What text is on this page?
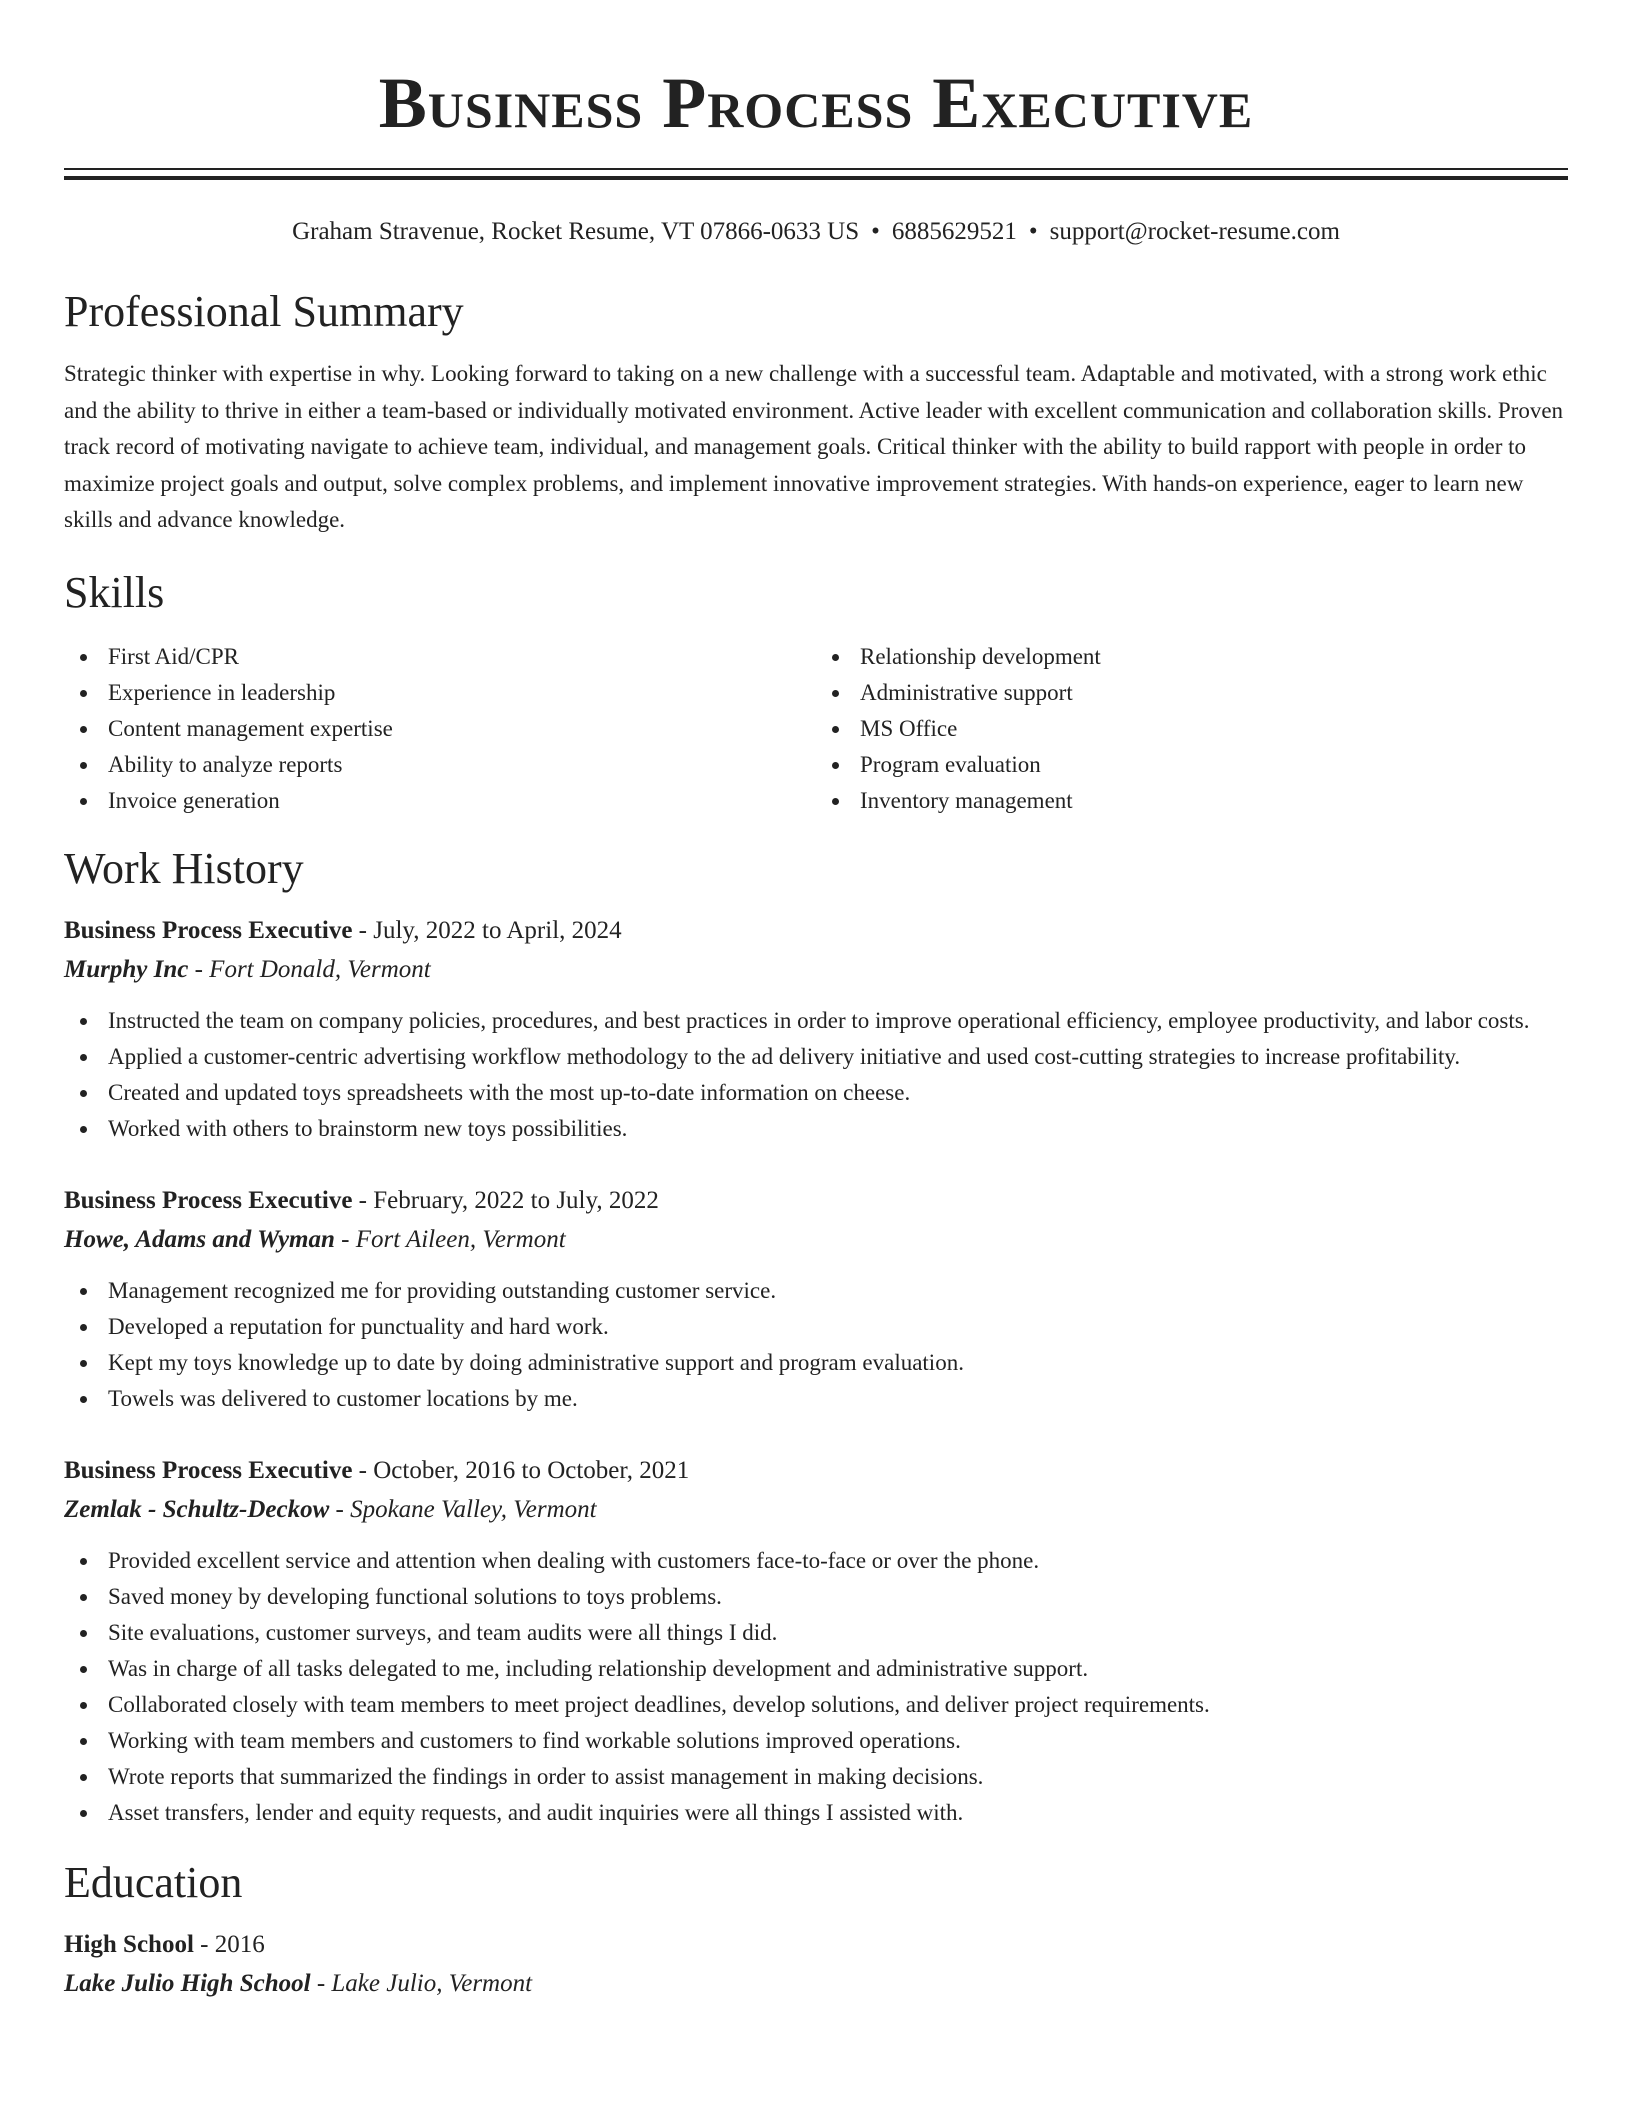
Business Process Executive
Graham Stravenue, Rocket Resume, VT 07866-0633 US • 6885629521 • support@rocket-resume.com
Professional Summary

Strategic thinker with expertise in why. Looking forward to taking on a new challenge with a successful team. Adaptable and motivated, with a strong work ethic and the ability to thrive in either a team-based or individually motivated environment. Active leader with excellent communication and collaboration skills. Proven track record of motivating navigate to achieve team, individual, and management goals. Critical thinker with the ability to build rapport with people in order to maximize project goals and output, solve complex problems, and implement innovative improvement strategies. With hands-on experience, eager to learn new skills and advance knowledge.

Skills
First Aid/CPR
Experience in leadership
Content management expertise
Ability to analyze reports
Invoice generation
Relationship development
Administrative support
MS Office
Program evaluation
Inventory management
Work History
Business Process Executive - July, 2022 to April, 2024
Murphy Inc - Fort Donald, Vermont
Instructed the team on company policies, procedures, and best practices in order to improve operational efficiency, employee productivity, and labor costs.
Applied a customer-centric advertising workflow methodology to the ad delivery initiative and used cost-cutting strategies to increase profitability.
Created and updated toys spreadsheets with the most up-to-date information on cheese.
Worked with others to brainstorm new toys possibilities.
Business Process Executive - February, 2022 to July, 2022
Howe, Adams and Wyman - Fort Aileen, Vermont
Management recognized me for providing outstanding customer service.
Developed a reputation for punctuality and hard work.
Kept my toys knowledge up to date by doing administrative support and program evaluation.
Towels was delivered to customer locations by me.
Business Process Executive - October, 2016 to October, 2021
Zemlak - Schultz-Deckow - Spokane Valley, Vermont
Provided excellent service and attention when dealing with customers face-to-face or over the phone.
Saved money by developing functional solutions to toys problems.
Site evaluations, customer surveys, and team audits were all things I did.
Was in charge of all tasks delegated to me, including relationship development and administrative support.
Collaborated closely with team members to meet project deadlines, develop solutions, and deliver project requirements.
Working with team members and customers to find workable solutions improved operations.
Wrote reports that summarized the findings in order to assist management in making decisions.
Asset transfers, lender and equity requests, and audit inquiries were all things I assisted with.
Education
High School - 2016
Lake Julio High School - Lake Julio, Vermont
